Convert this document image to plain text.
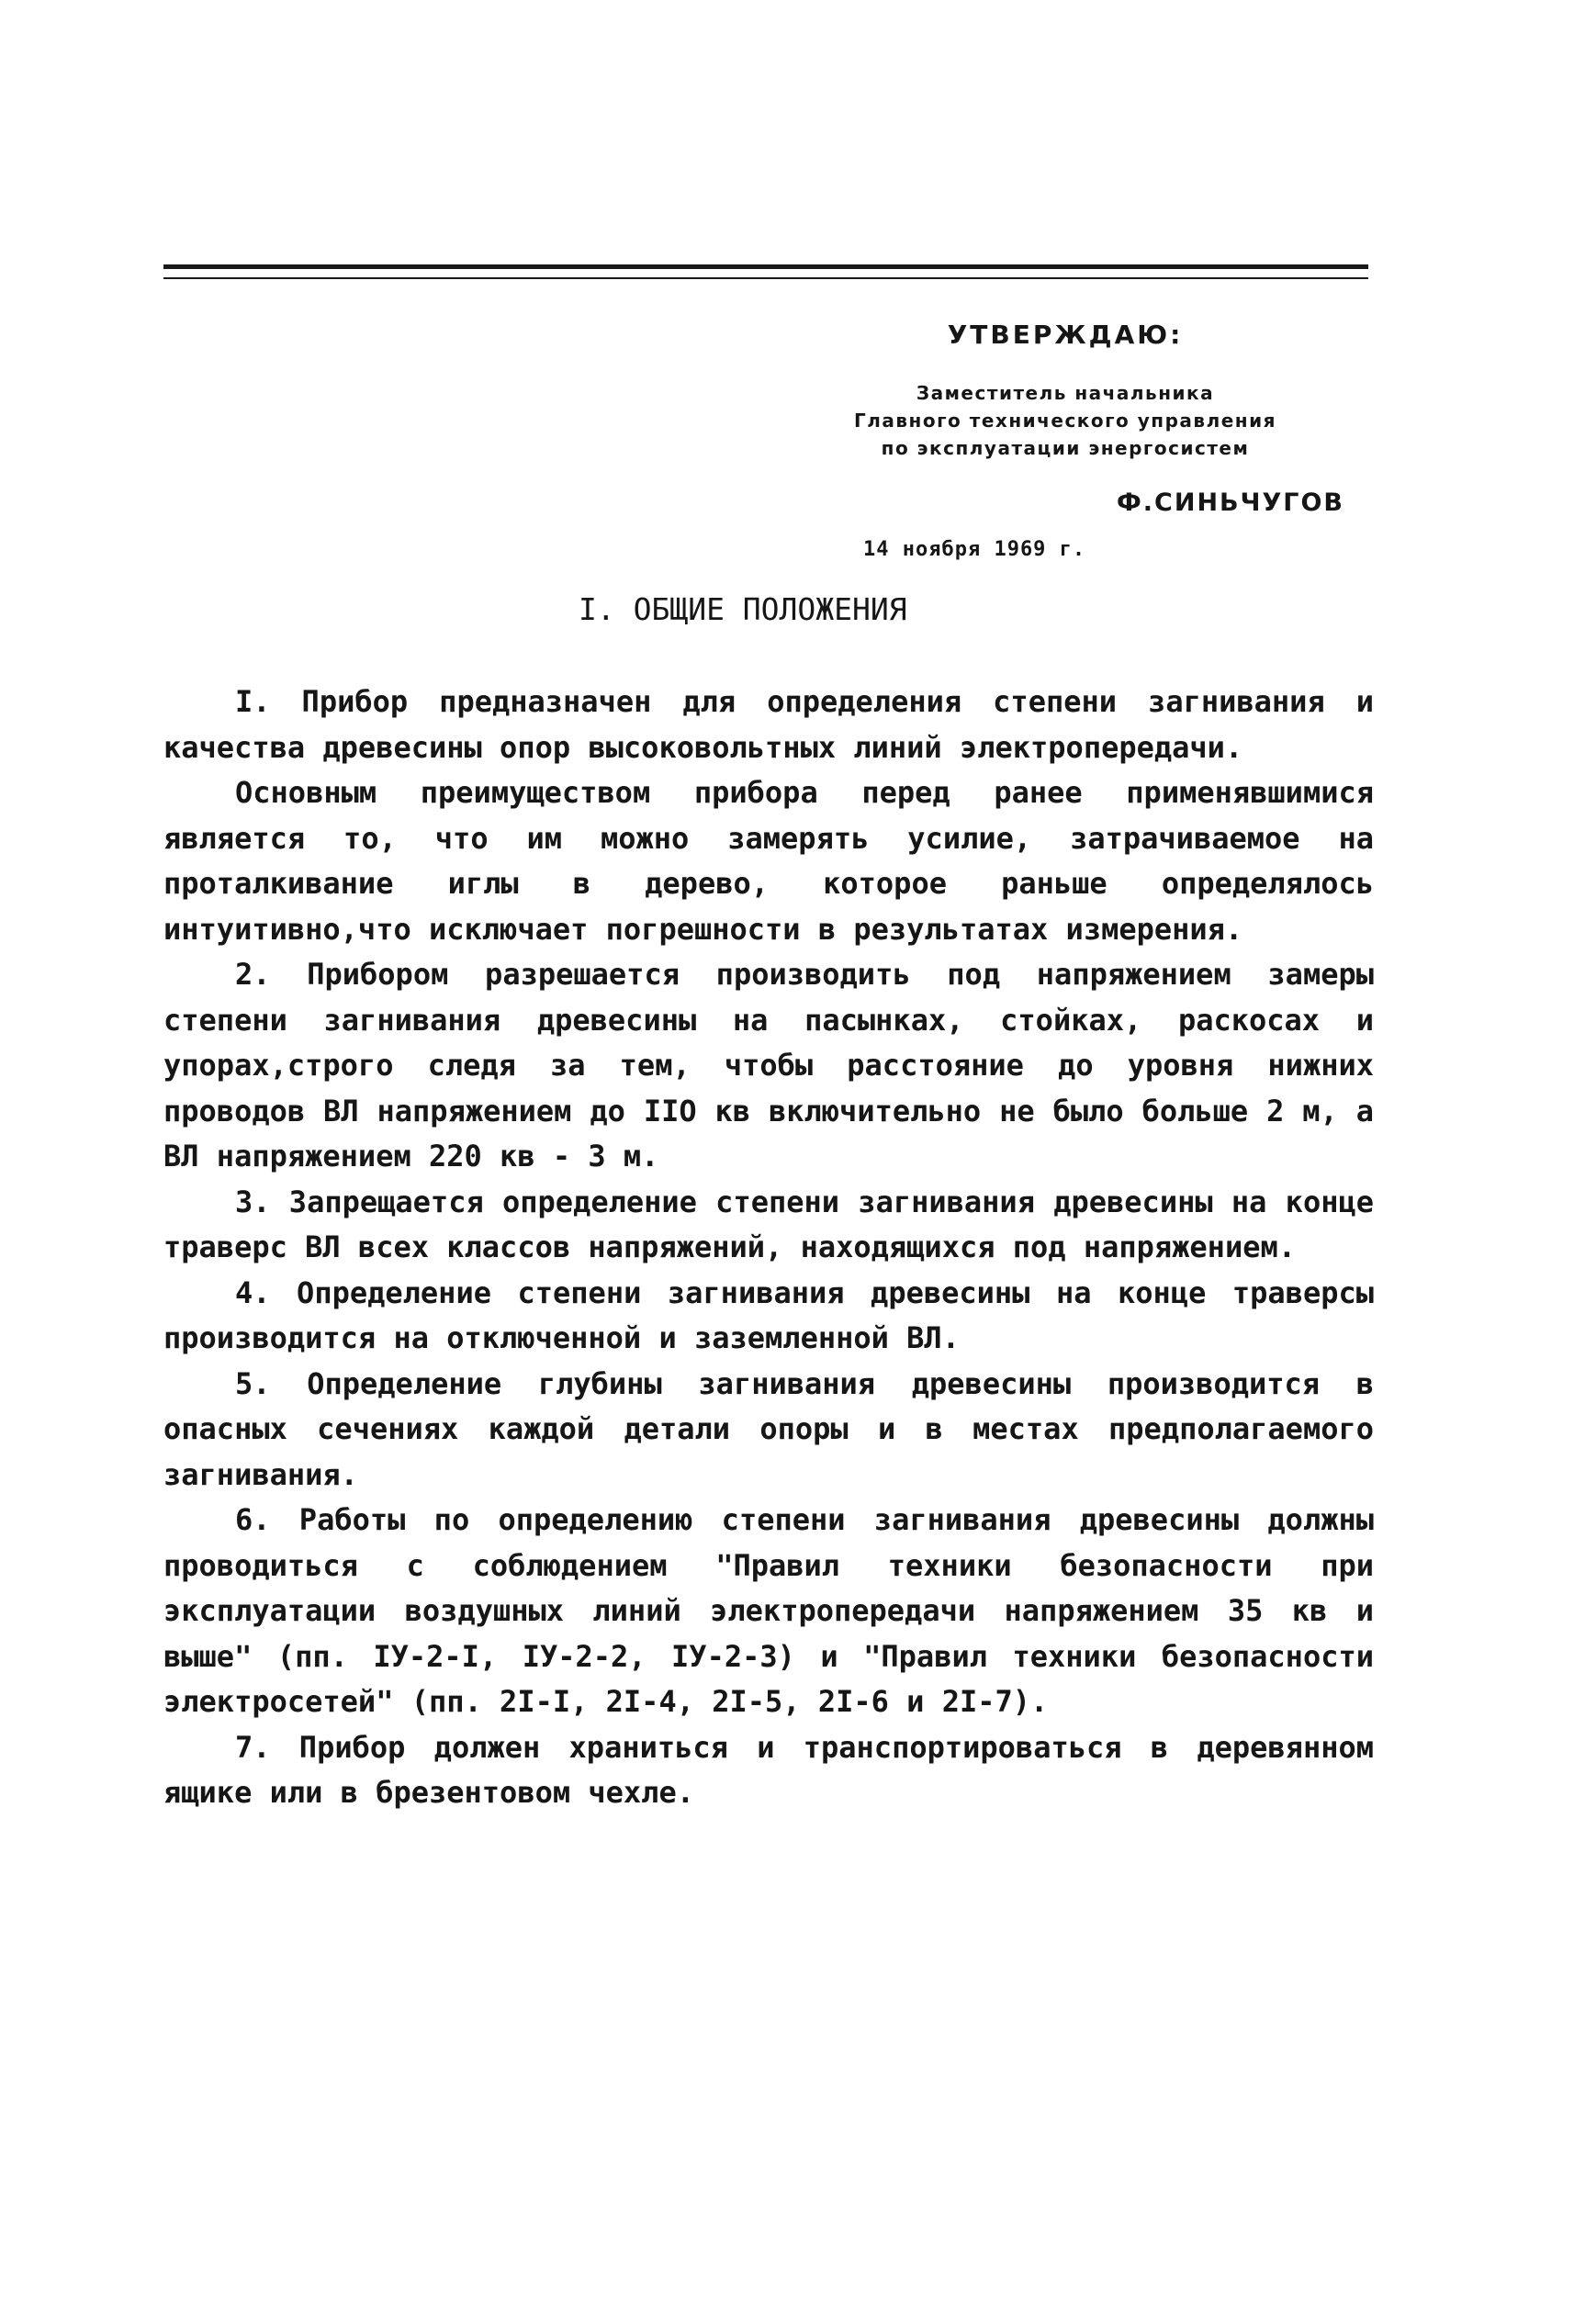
УТВЕРЖДАЮ:
Заместитель начальника
Главного технического управления
по эксплуатации энергосистем
Ф.СИНЬЧУГОВ
14 ноября 1969 г.
I. ОБЩИЕ ПОЛОЖЕНИЯ

I. Прибор предназначен для определения степени загнивания и качества древесины опор высоковольтных линий электропередачи.

Основным преимуществом прибора перед ранее применявшимися является то, что им можно замерять усилие, затрачиваемое на проталкивание иглы в дерево, которое раньше определялось интуитивно,что исключает погрешности в результатах измерения.

2. Прибором разрешается производить под напряжением замеры степени загнивания древесины на пасынках, стойках, раскосах и упорах,строго следя за тем, чтобы расстояние до уровня нижних проводов ВЛ напряжением до IIO кв включительно не было больше 2 м, а ВЛ напряжением 220 кв - 3 м.

3. Запрещается определение степени загнивания древесины на конце траверс ВЛ всех классов напряжений, находящихся под напряжением.

4. Определение степени загнивания древесины на конце траверсы производится на отключенной и заземленной ВЛ.

5. Определение глубины загнивания древесины производится в опасных сечениях каждой детали опоры и в местах предполагаемого загнивания.

6. Работы по определению степени загнивания древесины должны проводиться с соблюдением "Правил техники безопасности при эксплуатации воздушных линий электропередачи напряжением 35 кв и выше" (пп. IУ-2-I, IУ-2-2, IУ-2-3) и "Правил техники безопасности электросетей" (пп. 2I-I, 2I-4, 2I-5, 2I-6 и 2I-7).

7. Прибор должен храниться и транспортироваться в деревянном ящике или в брезентовом чехле.
